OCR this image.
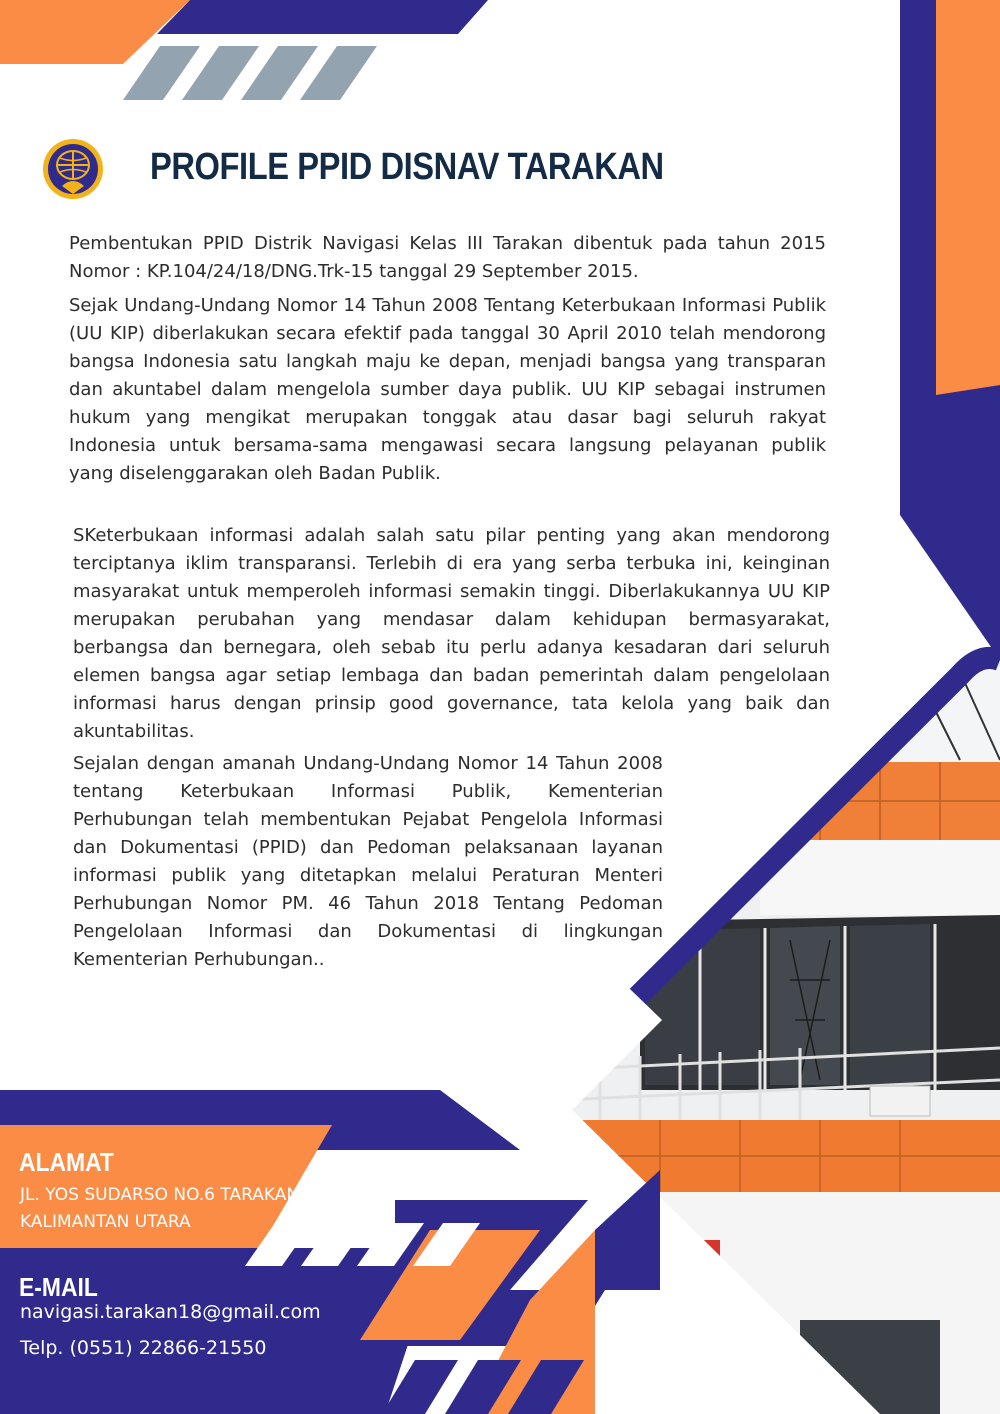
PROFILE PPID DISNAV TARAKAN

Pembentukan PPID Distrik Navigasi Kelas III Tarakan dibentuk pada tahun 2015 Nomor : KP.104/24/18/DNG.Trk-15 tanggal 29 September 2015.

Sejak Undang-Undang Nomor 14 Tahun 2008 Tentang Keterbukaan Informasi Publik (UU KIP) diberlakukan secara efektif pada tanggal 30 April 2010 telah mendorong bangsa Indonesia satu langkah maju ke depan, menjadi bangsa yang transparan dan akuntabel dalam mengelola sumber daya publik. UU KIP sebagai instrumen hukum yang mengikat merupakan tonggak atau dasar bagi seluruh rakyat Indonesia untuk bersama-sama mengawasi secara langsung pelayanan publik yang diselenggarakan oleh Badan Publik.

SKeterbukaan informasi adalah salah satu pilar penting yang akan mendorong terciptanya iklim transparansi. Terlebih di era yang serba terbuka ini, keinginan masyarakat untuk memperoleh informasi semakin tinggi. Diberlakukannya UU KIP merupakan perubahan yang mendasar dalam kehidupan bermasyarakat, berbangsa dan bernegara, oleh sebab itu perlu adanya kesadaran dari seluruh elemen bangsa agar setiap lembaga dan badan pemerintah dalam pengelolaan informasi harus dengan prinsip good governance, tata kelola yang baik dan akuntabilitas.

Sejalan dengan amanah Undang-Undang Nomor 14 Tahun 2008 tentang Keterbukaan Informasi Publik, Kementerian Perhubungan telah membentukan Pejabat Pengelola Informasi dan Dokumentasi (PPID) dan Pedoman pelaksanaan layanan informasi publik yang ditetapkan melalui Peraturan Menteri Perhubungan Nomor PM. 46 Tahun 2018 Tentang Pedoman Pengelolaan Informasi dan Dokumentasi di lingkungan Kementerian Perhubungan..

ALAMAT

JL. YOS SUDARSO NO.6 TARAKAN

KALIMANTAN UTARA

E-MAIL

navigasi.tarakan18@gmail.com

Telp. (0551) 22866-21550
